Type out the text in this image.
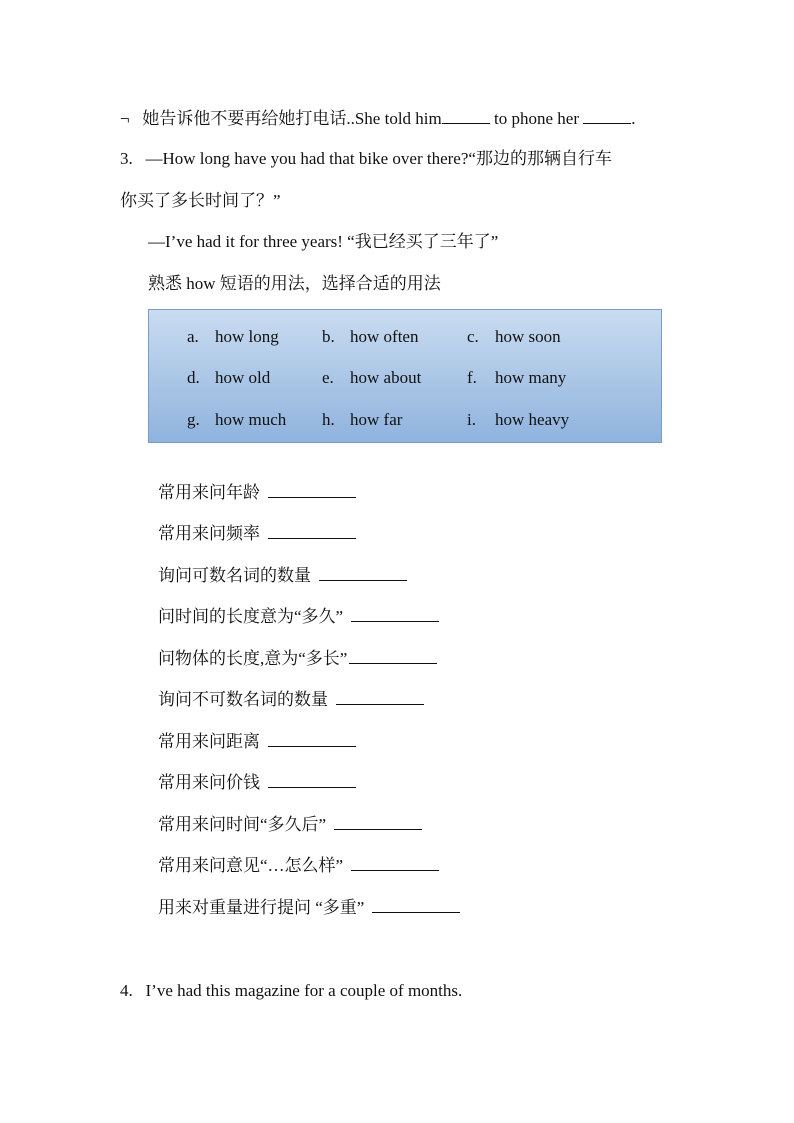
¬ 她告诉他不要再给她打电话..She told him	to phone her	.
3. —How long have you had that bike over there?“那边的那辆自行车
你买了多长时间了？”
—I’ve had it for three years! “我已经买了三年了”
熟悉 how 短语的用法，选择合适的用法
a. how long	b. how often	c. how soon
d. how old	e. how about	f. how many
g. how much h. how far	i. how heavy
常用来问年龄
常用来问频率
询问可数名词的数量
问时间的长度意为“多久”
问物体的长度,意为“多长”
询问不可数名词的数量
常用来问距离
常用来问价钱
常用来问时间“多久后”
常用来问意见“…怎么样”
用来对重量进行提问 “多重”
4. I’ve had this magazine for a couple of months.
